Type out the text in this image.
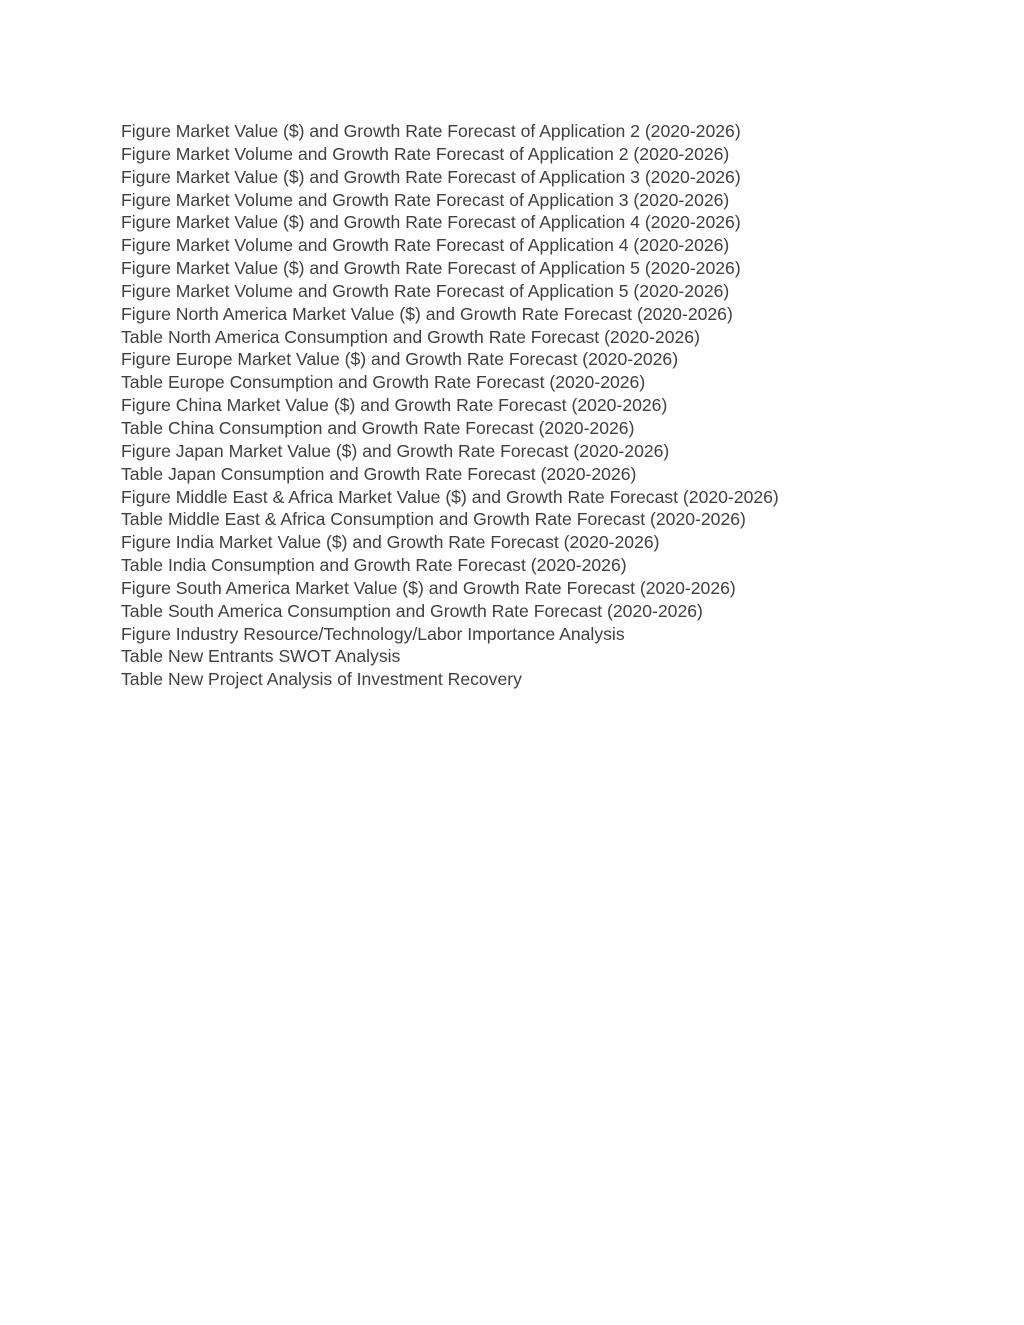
Figure Market Value ($) and Growth Rate Forecast of Application 2 (2020-2026)
Figure Market Volume and Growth Rate Forecast of Application 2 (2020-2026)
Figure Market Value ($) and Growth Rate Forecast of Application 3 (2020-2026)
Figure Market Volume and Growth Rate Forecast of Application 3 (2020-2026)
Figure Market Value ($) and Growth Rate Forecast of Application 4 (2020-2026)
Figure Market Volume and Growth Rate Forecast of Application 4 (2020-2026)
Figure Market Value ($) and Growth Rate Forecast of Application 5 (2020-2026)
Figure Market Volume and Growth Rate Forecast of Application 5 (2020-2026)
Figure North America Market Value ($) and Growth Rate Forecast (2020-2026)
Table North America Consumption and Growth Rate Forecast (2020-2026)
Figure Europe Market Value ($) and Growth Rate Forecast (2020-2026)
Table Europe Consumption and Growth Rate Forecast (2020-2026)
Figure China Market Value ($) and Growth Rate Forecast (2020-2026)
Table China Consumption and Growth Rate Forecast (2020-2026)
Figure Japan Market Value ($) and Growth Rate Forecast (2020-2026)
Table Japan Consumption and Growth Rate Forecast (2020-2026)
Figure Middle East & Africa Market Value ($) and Growth Rate Forecast (2020-2026)
Table Middle East & Africa Consumption and Growth Rate Forecast (2020-2026)
Figure India Market Value ($) and Growth Rate Forecast (2020-2026)
Table India Consumption and Growth Rate Forecast (2020-2026)
Figure South America Market Value ($) and Growth Rate Forecast (2020-2026)
Table South America Consumption and Growth Rate Forecast (2020-2026)
Figure Industry Resource/Technology/Labor Importance Analysis
Table New Entrants SWOT Analysis
Table New Project Analysis of Investment Recovery
